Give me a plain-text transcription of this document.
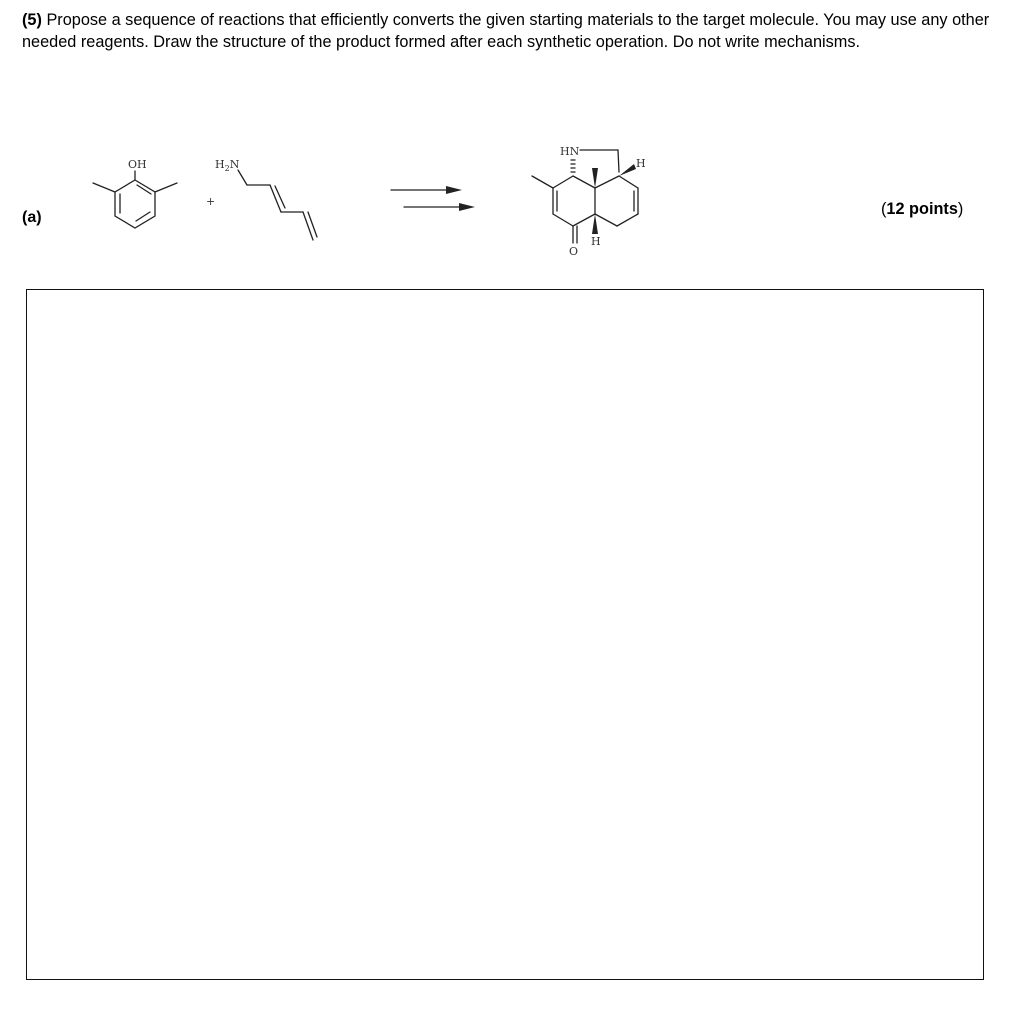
(5) Propose a sequence of reactions that efficiently converts the given starting materials to the target molecule. You may use any other needed reagents. Draw the structure of the product formed after each synthetic operation. Do not write mechanisms.
(a)	(12 points)
OH
+
$H_2N$
HN
O
H
H
